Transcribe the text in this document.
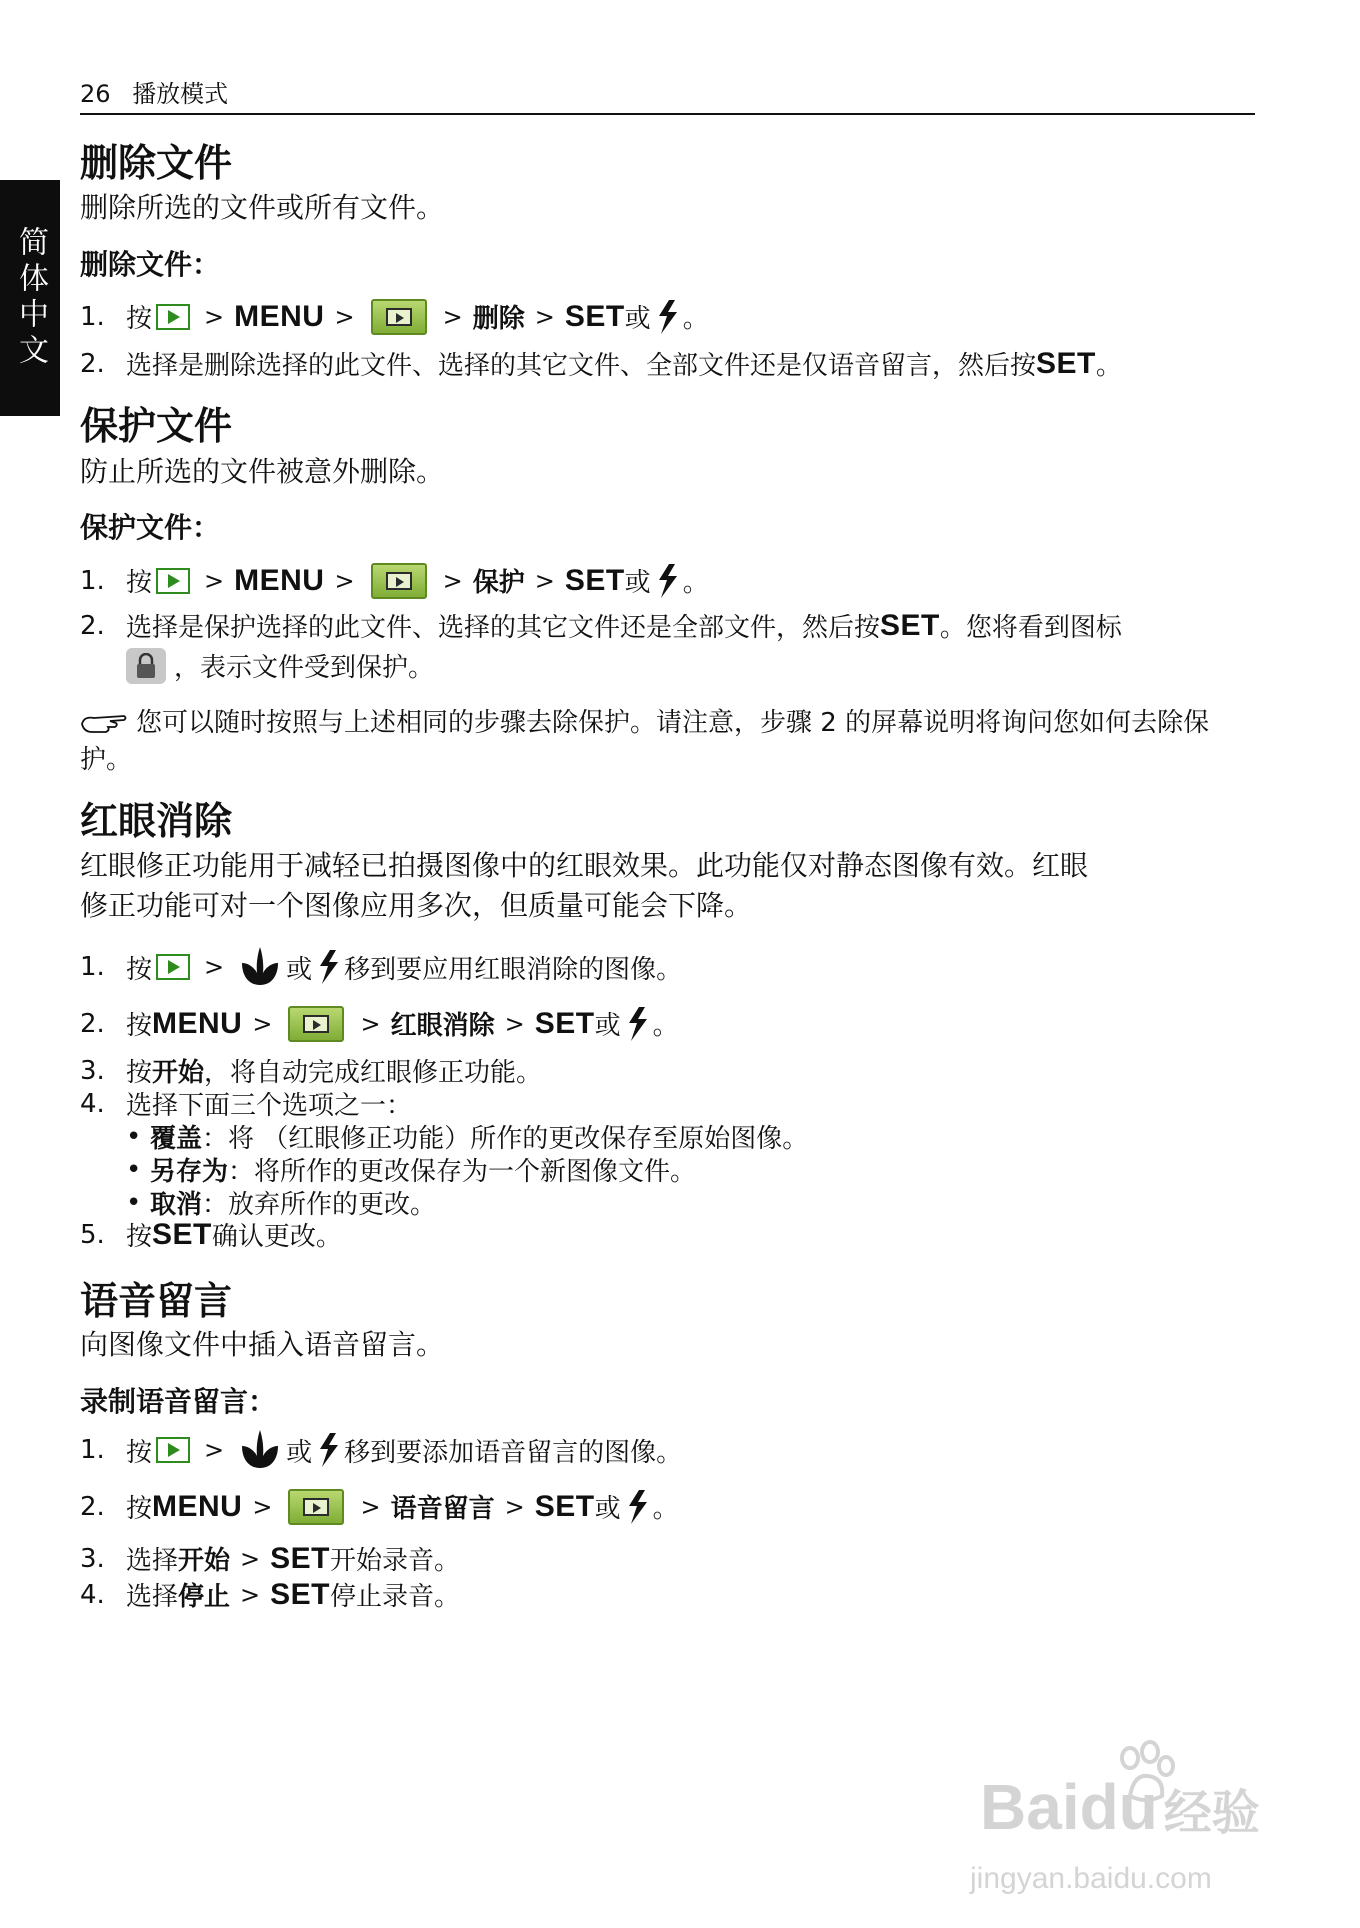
26 播放模式
简体中文
删除文件
删除所选的文件或所有文件。
删除文件：
1. 按 > MENU >	> 删除 > SET 或 。
2. 选择是删除选择的此文件、选择的其它文件、全部文件还是仅语音留言，然后按 SET 。
保护文件
防止所选的文件被意外删除。
保护文件：
1. 按 > MENU >	> 保护 > SET 或 。
2. 选择是保护选择的此文件、选择的其它文件还是全部文件，然后按 SET 。您将看到图标
，表示文件受到保护。
您可以随时按照与上述相同的步骤去除保护。请注意，步骤 2 的屏幕说明将询问您如何去除保护。
红眼消除
红眼修正功能用于减轻已拍摄图像中的红眼效果。此功能仅对静态图像有效。红眼
修正功能可对一个图像应用多次，但质量可能会下降。
1. 按 > 或 移到要应用红眼消除的图像。
2. 按 MENU >	> 红眼消除 > SET 或 。
3. 按 开始 ，将自动完成红眼修正功能。
4. 选择下面三个选项之一：
• 覆盖 ：将 （红眼修正功能）所作的更改保存至原始图像。
• 另存为 ：将所作的更改保存为一个新图像文件。
• 取消 ：放弃所作的更改。
5. 按 SET 确认更改。
语音留言
向图像文件中插入语音留言。
录制语音留言：
1. 按 > 或 移到要添加语音留言的图像。
2. 按 MENU >	> 语音留言 > SET 或 。
3. 选择 开始 > SET 开始录音。
4. 选择 停止 > SET 停止录音。
Baidu 经验
jingyan.baidu.com
